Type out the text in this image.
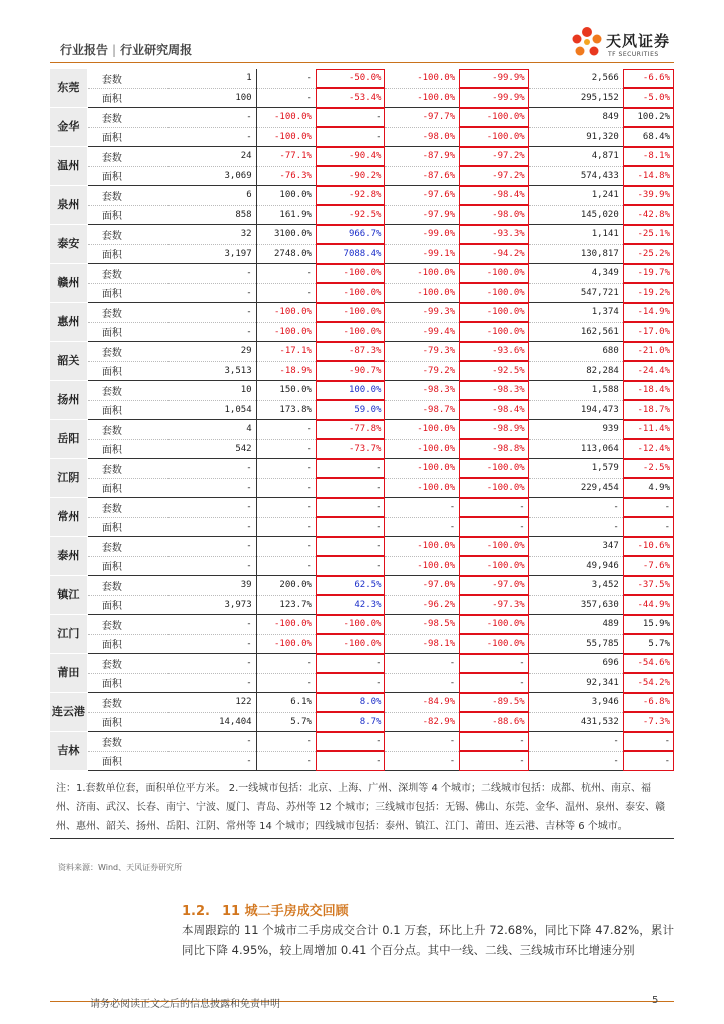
行业报告 | 行业研究周报	天风证券
TF SECURITIES
东莞	套数	1	-	-50.0%	-100.0%	-99.9%	2,566	-6.6%
	面积	100	-	-53.4%	-100.0%	-99.9%	295,152	-5.0%
金华	套数	-	-100.0%	-	-97.7%	-100.0%	849	100.2%
	面积	-	-100.0%	-	-98.0%	-100.0%	91,320	68.4%
温州	套数	24	-77.1%	-90.4%	-87.9%	-97.2%	4,871	-8.1%
	面积	3,069	-76.3%	-90.2%	-87.6%	-97.2%	574,433	-14.8%
泉州	套数	6	100.0%	-92.8%	-97.6%	-98.4%	1,241	-39.9%
	面积	858	161.9%	-92.5%	-97.9%	-98.0%	145,020	-42.8%
泰安	套数	32	3100.0%	966.7%	-99.0%	-93.3%	1,141	-25.1%
	面积	3,197	2748.0%	7088.4%	-99.1%	-94.2%	130,817	-25.2%
赣州	套数	-	-	-100.0%	-100.0%	-100.0%	4,349	-19.7%
	面积	-	-	-100.0%	-100.0%	-100.0%	547,721	-19.2%
惠州	套数	-	-100.0%	-100.0%	-99.3%	-100.0%	1,374	-14.9%
	面积	-	-100.0%	-100.0%	-99.4%	-100.0%	162,561	-17.0%
韶关	套数	29	-17.1%	-87.3%	-79.3%	-93.6%	680	-21.0%
	面积	3,513	-18.9%	-90.7%	-79.2%	-92.5%	82,284	-24.4%
扬州	套数	10	150.0%	100.0%	-98.3%	-98.3%	1,588	-18.4%
	面积	1,054	173.8%	59.0%	-98.7%	-98.4%	194,473	-18.7%
岳阳	套数	4	-	-77.8%	-100.0%	-98.9%	939	-11.4%
	面积	542	-	-73.7%	-100.0%	-98.8%	113,064	-12.4%
江阴	套数	-	-	-	-100.0%	-100.0%	1,579	-2.5%
	面积	-	-	-	-100.0%	-100.0%	229,454	4.9%
常州	套数	-	-	-	-	-	-	-
	面积	-	-	-	-	-	-	-
泰州	套数	-	-	-	-100.0%	-100.0%	347	-10.6%
	面积	-	-	-	-100.0%	-100.0%	49,946	-7.6%
镇江	套数	39	200.0%	62.5%	-97.0%	-97.0%	3,452	-37.5%
	面积	3,973	123.7%	42.3%	-96.2%	-97.3%	357,630	-44.9%
江门	套数	-	-100.0%	-100.0%	-98.5%	-100.0%	489	15.9%
	面积	-	-100.0%	-100.0%	-98.1%	-100.0%	55,785	5.7%
莆田	套数	-	-	-	-	-	696	-54.6%
	面积	-	-	-	-	-	92,341	-54.2%
连云港	套数	122	6.1%	8.0%	-84.9%	-89.5%	3,946	-6.8%
	面积	14,404	5.7%	8.7%	-82.9%	-88.6%	431,532	-7.3%
吉林	套数	-	-	-	-	-	-	-
	面积	-	-	-	-	-	-	-
注：1.套数单位套，面积单位平方米。 2.一线城市包括：北京、上海、广州、深圳等 4 个城市；二线城市包括：成都、杭州、南京、福州、济南、武汉、长春、南宁、宁波、厦门、青岛、苏州等 12 个城市；三线城市包括：无锡、佛山、东莞、金华、温州、泉州、泰安、赣州、惠州、韶关、扬州、岳阳、江阴、常州等 14 个城市；四线城市包括：泰州、镇江、江门、莆田、连云港、吉林等 6 个城市。
资料来源：Wind、天风证券研究所
1.2. 11 城二手房成交回顾
本周跟踪的 11 个城市二手房成交合计 0.1 万套，环比上升 72.68%，同比下降 47.82%，累计同比下降 4.95%，较上周增加 0.41 个百分点。其中一线、二线、三线城市环比增速分别
请务必阅读正文之后的信息披露和免责申明	5
